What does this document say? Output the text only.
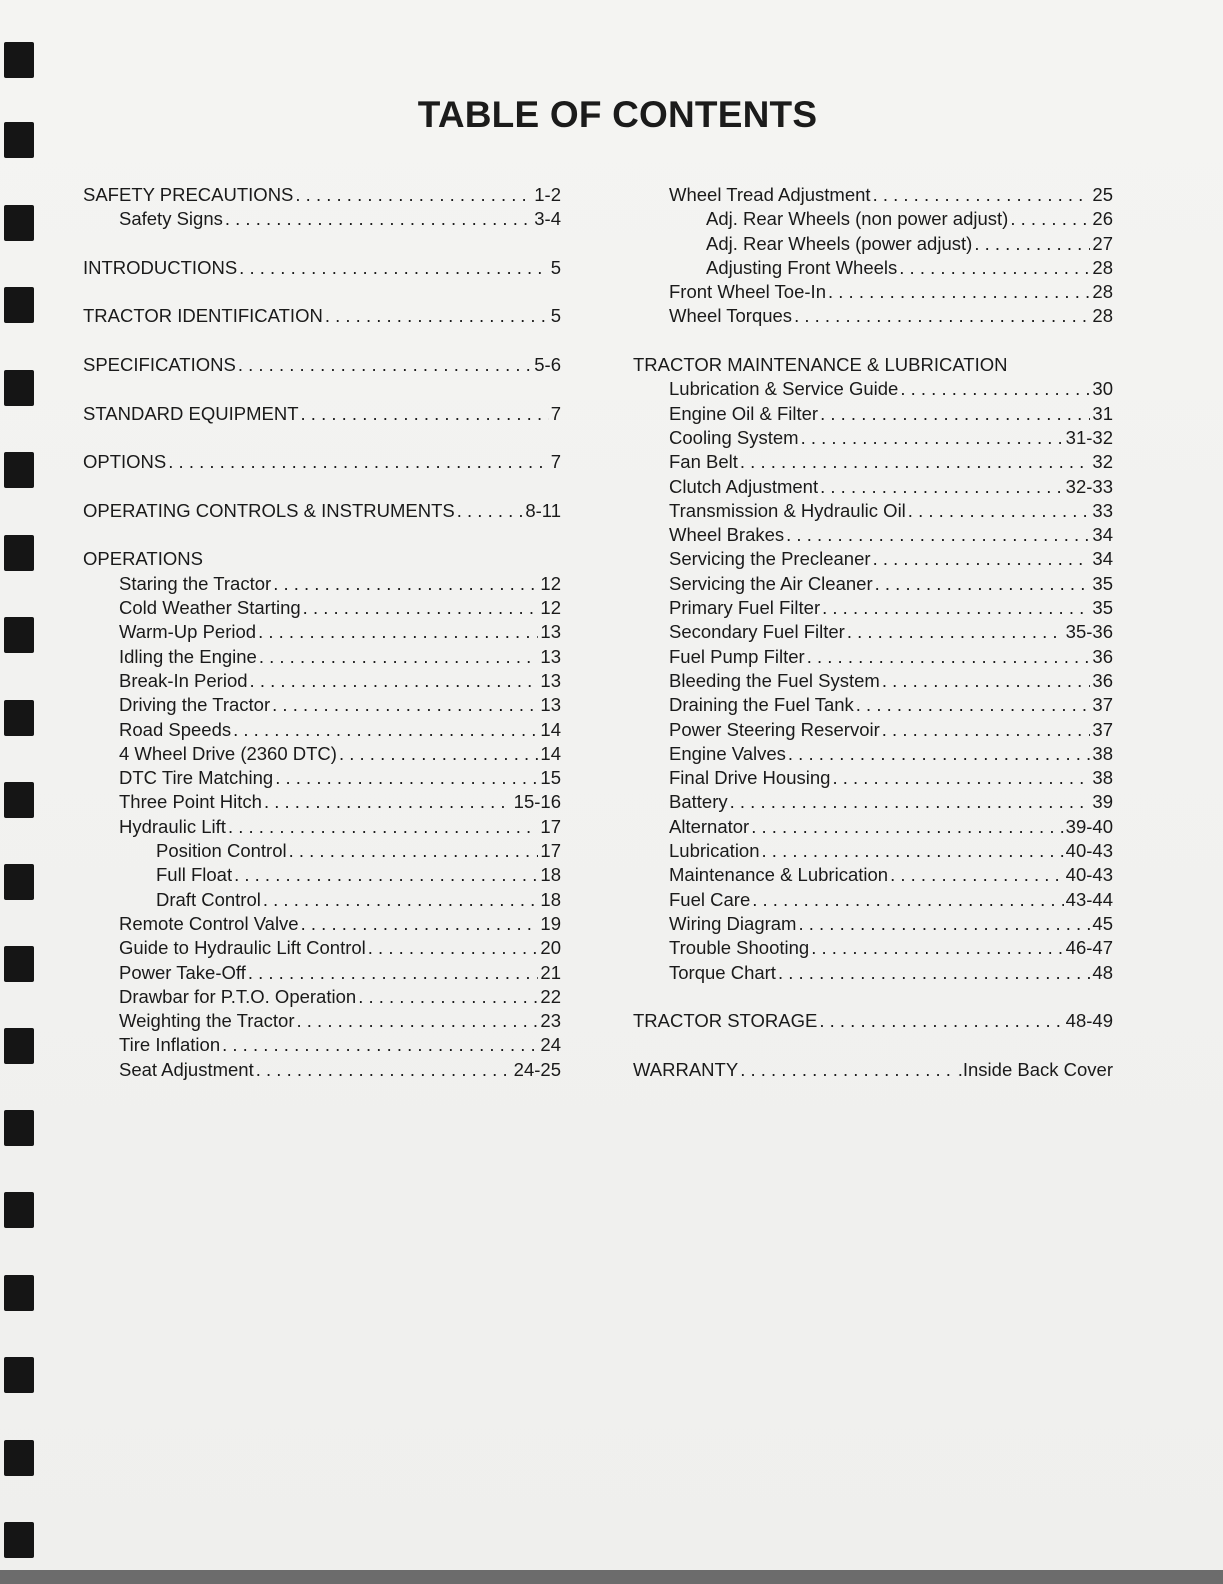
TABLE OF CONTENTS
SAFETY PRECAUTIONS . . .	1-2
Safety Signs . . .	3-4
INTRODUCTIONS . . .	5
TRACTOR IDENTIFICATION . . .	5
SPECIFICATIONS . . .	5-6
STANDARD EQUIPMENT . . .	7
OPTIONS . . .	7
OPERATING CONTROLS & INSTRUMENTS . . .	8-11
OPERATIONS
Staring the Tractor . . .	12
Cold Weather Starting . . .	12
Warm-Up Period . . .	13
Idling the Engine . . .	13
Break-In Period . . .	13
Driving the Tractor . . .	13
Road Speeds . . .	14
4 Wheel Drive (2360 DTC) . . .	14
DTC Tire Matching . . .	15
Three Point Hitch . . .	15-16
Hydraulic Lift . . .	17
Position Control . . .	17
Full Float . . .	18
Draft Control . . .	18
Remote Control Valve . . .	19
Guide to Hydraulic Lift Control . . .	20
Power Take-Off . . .	21
Drawbar for P.T.O. Operation . . .	22
Weighting the Tractor . . .	23
Tire Inflation . . .	24
Seat Adjustment . . .	24-25
Wheel Tread Adjustment . . .	25
Adj. Rear Wheels (non power adjust) . . .	26
Adj. Rear Wheels (power adjust) . . .	27
Adjusting Front Wheels . . .	28
Front Wheel Toe-In . . .	28
Wheel Torques . . .	28
TRACTOR MAINTENANCE & LUBRICATION
Lubrication & Service Guide . . .	30
Engine Oil & Filter . . .	31
Cooling System . . .	31-32
Fan Belt . . .	32
Clutch Adjustment . . .	32-33
Transmission & Hydraulic Oil . . .	33
Wheel Brakes . . .	34
Servicing the Precleaner . . .	34
Servicing the Air Cleaner . . .	35
Primary Fuel Filter . . .	35
Secondary Fuel Filter . . .	35-36
Fuel Pump Filter . . .	36
Bleeding the Fuel System . . .	36
Draining the Fuel Tank . . .	37
Power Steering Reservoir . . .	37
Engine Valves . . .	38
Final Drive Housing . . .	38
Battery . . .	39
Alternator . . .	39-40
Lubrication . . .	40-43
Maintenance & Lubrication . . .	40-43
Fuel Care . . .	43-44
Wiring Diagram . . .	45
Trouble Shooting . . .	46-47
Torque Chart . . .	48
TRACTOR STORAGE . . .	48-49
WARRANTY . . .	.Inside Back Cover
